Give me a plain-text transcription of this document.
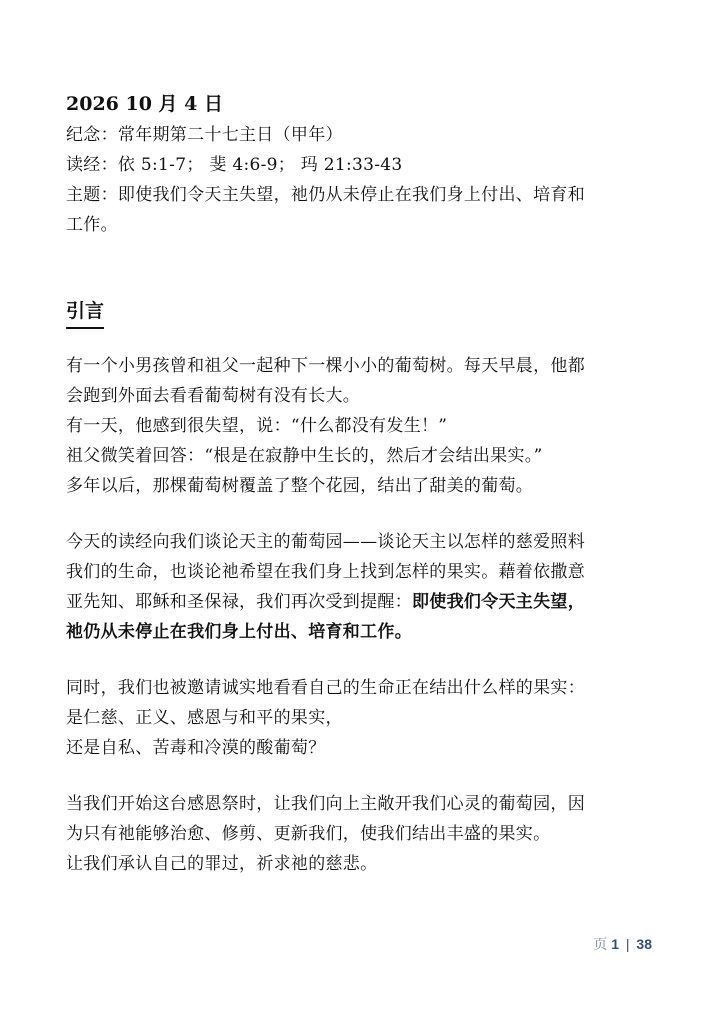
2026 10 月 4 日

纪念：常年期第二十七主日（甲年）

读经：依 5:1-7； 斐 4:6-9； 玛 21:33-43

主题：即使我们令天主失望，祂仍从未停止在我们身上付出、培育和

工作。

引言
有一个小男孩曾和祖父一起种下一棵小小的葡萄树。每天早晨，他都
会跑到外面去看看葡萄树有没有长大。
有一天，他感到很失望，说：“什么都没有发生！”
祖父微笑着回答：“根是在寂静中生长的，然后才会结出果实。”
多年以后，那棵葡萄树覆盖了整个花园，结出了甜美的葡萄。
今天的读经向我们谈论天主的葡萄园——谈论天主以怎样的慈爱照料
我们的生命，也谈论祂希望在我们身上找到怎样的果实。藉着依撒意
亚先知、耶稣和圣保禄，我们再次受到提醒：即使我们令天主失望，
祂仍从未停止在我们身上付出、培育和工作。
同时，我们也被邀请诚实地看看自己的生命正在结出什么样的果实：
是仁慈、正义、感恩与和平的果实，
还是自私、苦毒和冷漠的酸葡萄？
当我们开始这台感恩祭时，让我们向上主敞开我们心灵的葡萄园，因
为只有祂能够治愈、修剪、更新我们，使我们结出丰盛的果实。
让我们承认自己的罪过，祈求祂的慈悲。
页 1 | 38
